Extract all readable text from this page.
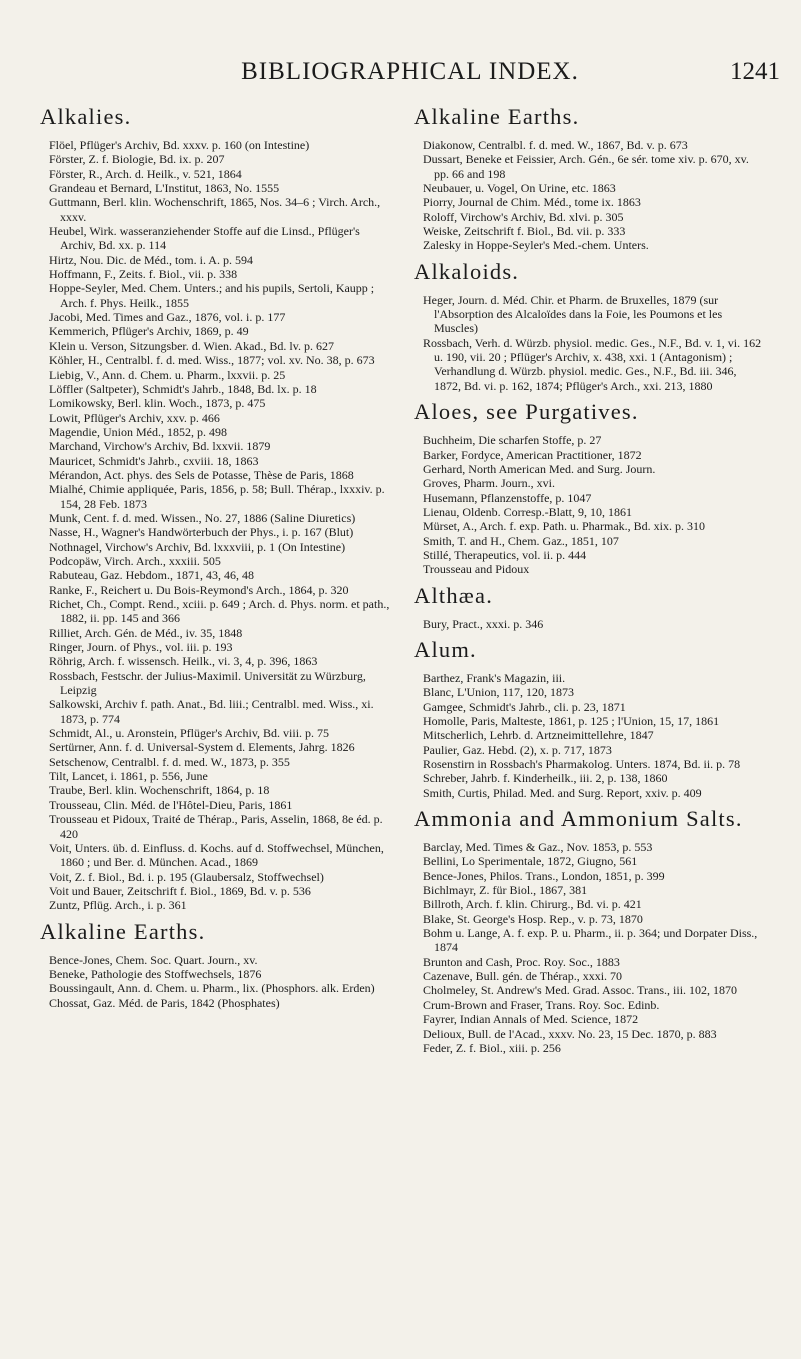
BIBLIOGRAPHICAL INDEX.	1241
Alkalies.

Flöel, Pflüger's Archiv, Bd. xxxv. p. 160 (on Intestine)

Förster, Z. f. Biologie, Bd. ix. p. 207

Förster, R., Arch. d. Heilk., v. 521, 1864

Grandeau et Bernard, L'Institut, 1863, No. 1555

Guttmann, Berl. klin. Wochenschrift, 1865, Nos. 34–6 ; Virch. Arch., xxxv.

Heubel, Wirk. wasseranziehender Stoffe auf die Linsd., Pflüger's Archiv, Bd. xx. p. 114

Hirtz, Nou. Dic. de Méd., tom. i. A. p. 594

Hoffmann, F., Zeits. f. Biol., vii. p. 338

Hoppe-Seyler, Med. Chem. Unters.; and his pupils, Sertoli, Kaupp ; Arch. f. Phys. Heilk., 1855

Jacobi, Med. Times and Gaz., 1876, vol. i. p. 177

Kemmerich, Pflüger's Archiv, 1869, p. 49

Klein u. Verson, Sitzungsber. d. Wien. Akad., Bd. lv. p. 627

Köhler, H., Centralbl. f. d. med. Wiss., 1877; vol. xv. No. 38, p. 673

Liebig, V., Ann. d. Chem. u. Pharm., lxxvii. p. 25

Löffler (Saltpeter), Schmidt's Jahrb., 1848, Bd. lx. p. 18

Lomikowsky, Berl. klin. Woch., 1873, p. 475

Lowit, Pflüger's Archiv, xxv. p. 466

Magendie, Union Méd., 1852, p. 498

Marchand, Virchow's Archiv, Bd. lxxvii. 1879

Mauricet, Schmidt's Jahrb., cxviii. 18, 1863

Mérandon, Act. phys. des Sels de Potasse, Thèse de Paris, 1868

Mialhé, Chimie appliquée, Paris, 1856, p. 58; Bull. Thérap., lxxxiv. p. 154, 28 Feb. 1873

Munk, Cent. f. d. med. Wissen., No. 27, 1886 (Saline Diuretics)

Nasse, H., Wagner's Handwörterbuch der Phys., i. p. 167 (Blut)

Nothnagel, Virchow's Archiv, Bd. lxxxviii, p. 1 (On Intestine)

Podcopäw, Virch. Arch., xxxiii. 505

Rabuteau, Gaz. Hebdom., 1871, 43, 46, 48

Ranke, F., Reichert u. Du Bois-Reymond's Arch., 1864, p. 320

Richet, Ch., Compt. Rend., xciii. p. 649 ; Arch. d. Phys. norm. et path., 1882, ii. pp. 145 and 366

Rilliet, Arch. Gén. de Méd., iv. 35, 1848

Ringer, Journ. of Phys., vol. iii. p. 193

Röhrig, Arch. f. wissensch. Heilk., vi. 3, 4, p. 396, 1863

Rossbach, Festschr. der Julius-Maximil. Universität zu Würzburg, Leipzig

Salkowski, Archiv f. path. Anat., Bd. liii.; Centralbl. med. Wiss., xi. 1873, p. 774

Schmidt, Al., u. Aronstein, Pflüger's Archiv, Bd. viii. p. 75

Sertürner, Ann. f. d. Universal-System d. Elements, Jahrg. 1826

Setschenow, Centralbl. f. d. med. W., 1873, p. 355

Tilt, Lancet, i. 1861, p. 556, June

Traube, Berl. klin. Wochenschrift, 1864, p. 18

Trousseau, Clin. Méd. de l'Hôtel-Dieu, Paris, 1861

Trousseau et Pidoux, Traité de Thérap., Paris, Asselin, 1868, 8e éd. p. 420

Voit, Unters. üb. d. Einfluss. d. Kochs. auf d. Stoffwechsel, München, 1860 ; und Ber. d. München. Acad., 1869

Voit, Z. f. Biol., Bd. i. p. 195 (Glaubersalz, Stoffwechsel)

Voit und Bauer, Zeitschrift f. Biol., 1869, Bd. v. p. 536

Zuntz, Pflüg. Arch., i. p. 361

Alkaline Earths.

Bence-Jones, Chem. Soc. Quart. Journ., xv.

Beneke, Pathologie des Stoffwechsels, 1876

Boussingault, Ann. d. Chem. u. Pharm., lix. (Phosphors. alk. Erden)

Chossat, Gaz. Méd. de Paris, 1842 (Phosphates)

Alkaline Earths.

Diakonow, Centralbl. f. d. med. W., 1867, Bd. v. p. 673

Dussart, Beneke et Feissier, Arch. Gén., 6e sér. tome xiv. p. 670, xv. pp. 66 and 198

Neubauer, u. Vogel, On Urine, etc. 1863

Piorry, Journal de Chim. Méd., tome ix. 1863

Roloff, Virchow's Archiv, Bd. xlvi. p. 305

Weiske, Zeitschrift f. Biol., Bd. vii. p. 333

Zalesky in Hoppe-Seyler's Med.-chem. Unters.

Alkaloids.

Heger, Journ. d. Méd. Chir. et Pharm. de Bruxelles, 1879 (sur l'Absorption des Alcaloïdes dans la Foie, les Poumons et les Muscles)

Rossbach, Verh. d. Würzb. physiol. medic. Ges., N.F., Bd. v. 1, vi. 162 u. 190, vii. 20 ; Pflüger's Archiv, x. 438, xxi. 1 (Antagonism) ; Verhandlung d. Würzb. physiol. medic. Ges., N.F., Bd. iii. 346, 1872, Bd. vi. p. 162, 1874; Pflüger's Arch., xxi. 213, 1880

Aloes, see Purgatives.

Buchheim, Die scharfen Stoffe, p. 27

Barker, Fordyce, American Practitioner, 1872

Gerhard, North American Med. and Surg. Journ.

Groves, Pharm. Journ., xvi.

Husemann, Pflanzenstoffe, p. 1047

Lienau, Oldenb. Corresp.-Blatt, 9, 10, 1861

Mürset, A., Arch. f. exp. Path. u. Pharmak., Bd. xix. p. 310

Smith, T. and H., Chem. Gaz., 1851, 107

Stillé, Therapeutics, vol. ii. p. 444

Trousseau and Pidoux

Althæa.

Bury, Pract., xxxi. p. 346

Alum.

Barthez, Frank's Magazin, iii.

Blanc, L'Union, 117, 120, 1873

Gamgee, Schmidt's Jahrb., cli. p. 23, 1871

Homolle, Paris, Malteste, 1861, p. 125 ; l'Union, 15, 17, 1861

Mitscherlich, Lehrb. d. Artzneimittellehre, 1847

Paulier, Gaz. Hebd. (2), x. p. 717, 1873

Rosenstirn in Rossbach's Pharmakolog. Unters. 1874, Bd. ii. p. 78

Schreber, Jahrb. f. Kinderheilk., iii. 2, p. 138, 1860

Smith, Curtis, Philad. Med. and Surg. Report, xxiv. p. 409

Ammonia and Ammonium Salts.

Barclay, Med. Times & Gaz., Nov. 1853, p. 553

Bellini, Lo Sperimentale, 1872, Giugno, 561

Bence-Jones, Philos. Trans., London, 1851, p. 399

Bichlmayr, Z. für Biol., 1867, 381

Billroth, Arch. f. klin. Chirurg., Bd. vi. p. 421

Blake, St. George's Hosp. Rep., v. p. 73, 1870

Bohm u. Lange, A. f. exp. P. u. Pharm., ii. p. 364; und Dorpater Diss., 1874

Brunton and Cash, Proc. Roy. Soc., 1883

Cazenave, Bull. gén. de Thérap., xxxi. 70

Cholmeley, St. Andrew's Med. Grad. Assoc. Trans., iii. 102, 1870

Crum-Brown and Fraser, Trans. Roy. Soc. Edinb.

Fayrer, Indian Annals of Med. Science, 1872

Delioux, Bull. de l'Acad., xxxv. No. 23, 15 Dec. 1870, p. 883

Feder, Z. f. Biol., xiii. p. 256
